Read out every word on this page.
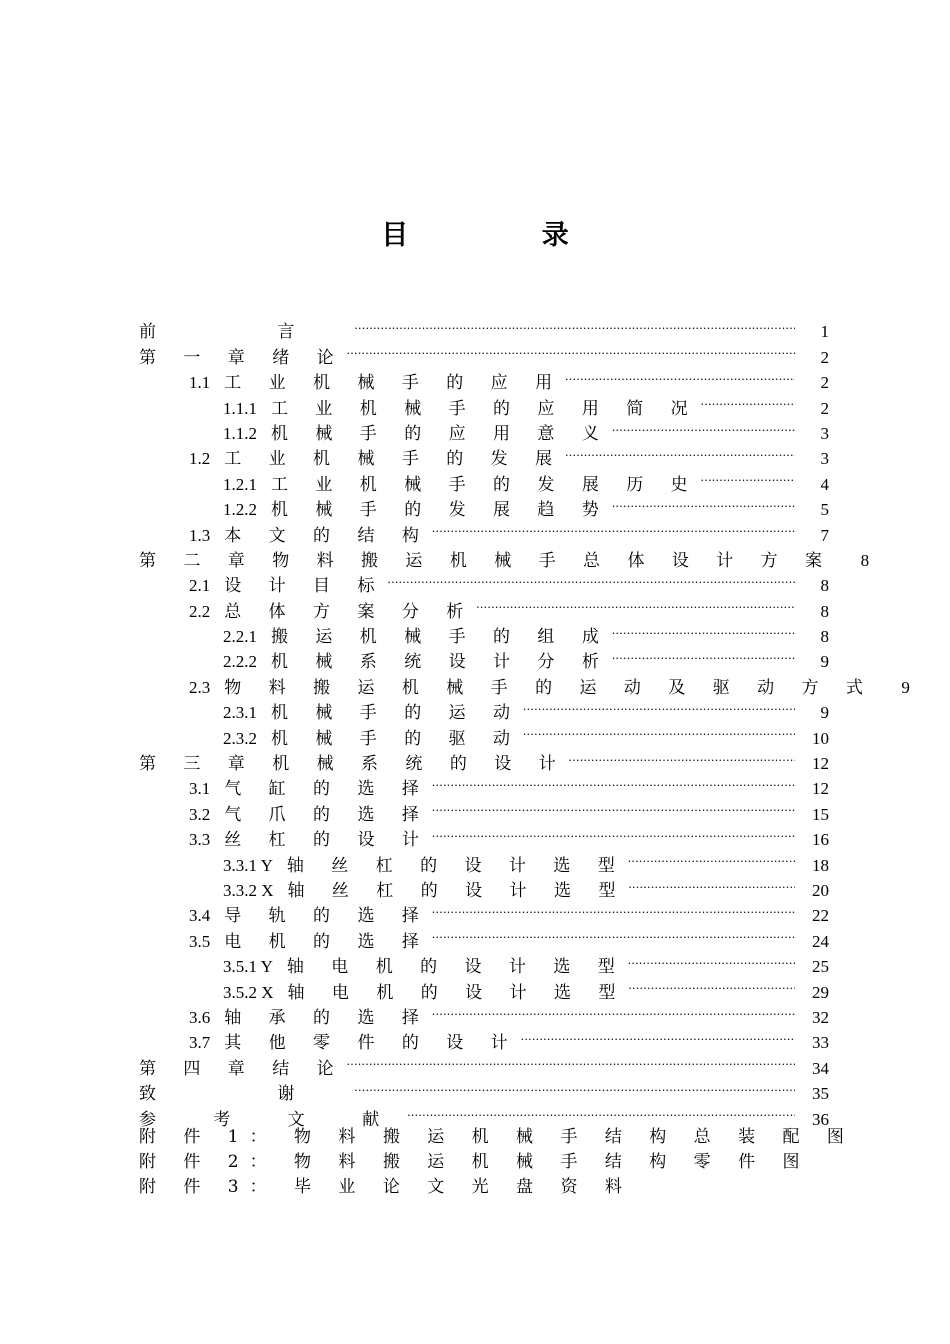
目 录
前 言 .....	1
第 一 章 绪 论 .....	2
1.1 工 业 机 械 手 的 应 用 .....	2
1.1.1 工 业 机 械 手 的 应 用 简 况 .....	2
1.1.2 机 械 手 的 应 用 意 义 .....	3
1.2 工 业 机 械 手 的 发 展 .....	3
1.2.1 工 业 机 械 手 的 发 展 历 史 .....	4
1.2.2 机 械 手 的 发 展 趋 势 .....	5
1.3 本 文 的 结 构 .....	7
第 二 章 物 料 搬 运 机 械 手 总 体 设 计 方 案	8
2.1 设 计 目 标 .....	8
2.2 总 体 方 案 分 析 .....	8
2.2.1 搬 运 机 械 手 的 组 成 .....	8
2.2.2 机 械 系 统 设 计 分 析 .....	9
2.3 物 料 搬 运 机 械 手 的 运 动 及 驱 动 方 式	9
2.3.1 机 械 手 的 运 动 .....	9
2.3.2 机 械 手 的 驱 动 .....	10
第 三 章 机 械 系 统 的 设 计 .....	12
3.1 气 缸 的 选 择 .....	12
3.2 气 爪 的 选 择 .....	15
3.3 丝 杠 的 设 计 .....	16
3.3.1 Y 轴 丝 杠 的 设 计 选 型 .....	18
3.3.2 X 轴 丝 杠 的 设 计 选 型 .....	20
3.4 导 轨 的 选 择 .....	22
3.5 电 机 的 选 择 .....	24
3.5.1 Y 轴 电 机 的 设 计 选 型 .....	25
3.5.2 X 轴 电 机 的 设 计 选 型 .....	29
3.6 轴 承 的 选 择 .....	32
3.7 其 他 零 件 的 设 计 .....	33
第 四 章 结 论 .....	34
致 谢 .....	35
参 考 文 献 .....	36
附 件 1： 物 料 搬 运 机 械 手 结 构 总 装 配 图
附 件 2： 物 料 搬 运 机 械 手 结 构 零 件 图
附 件 3： 毕 业 论 文 光 盘 资 料
